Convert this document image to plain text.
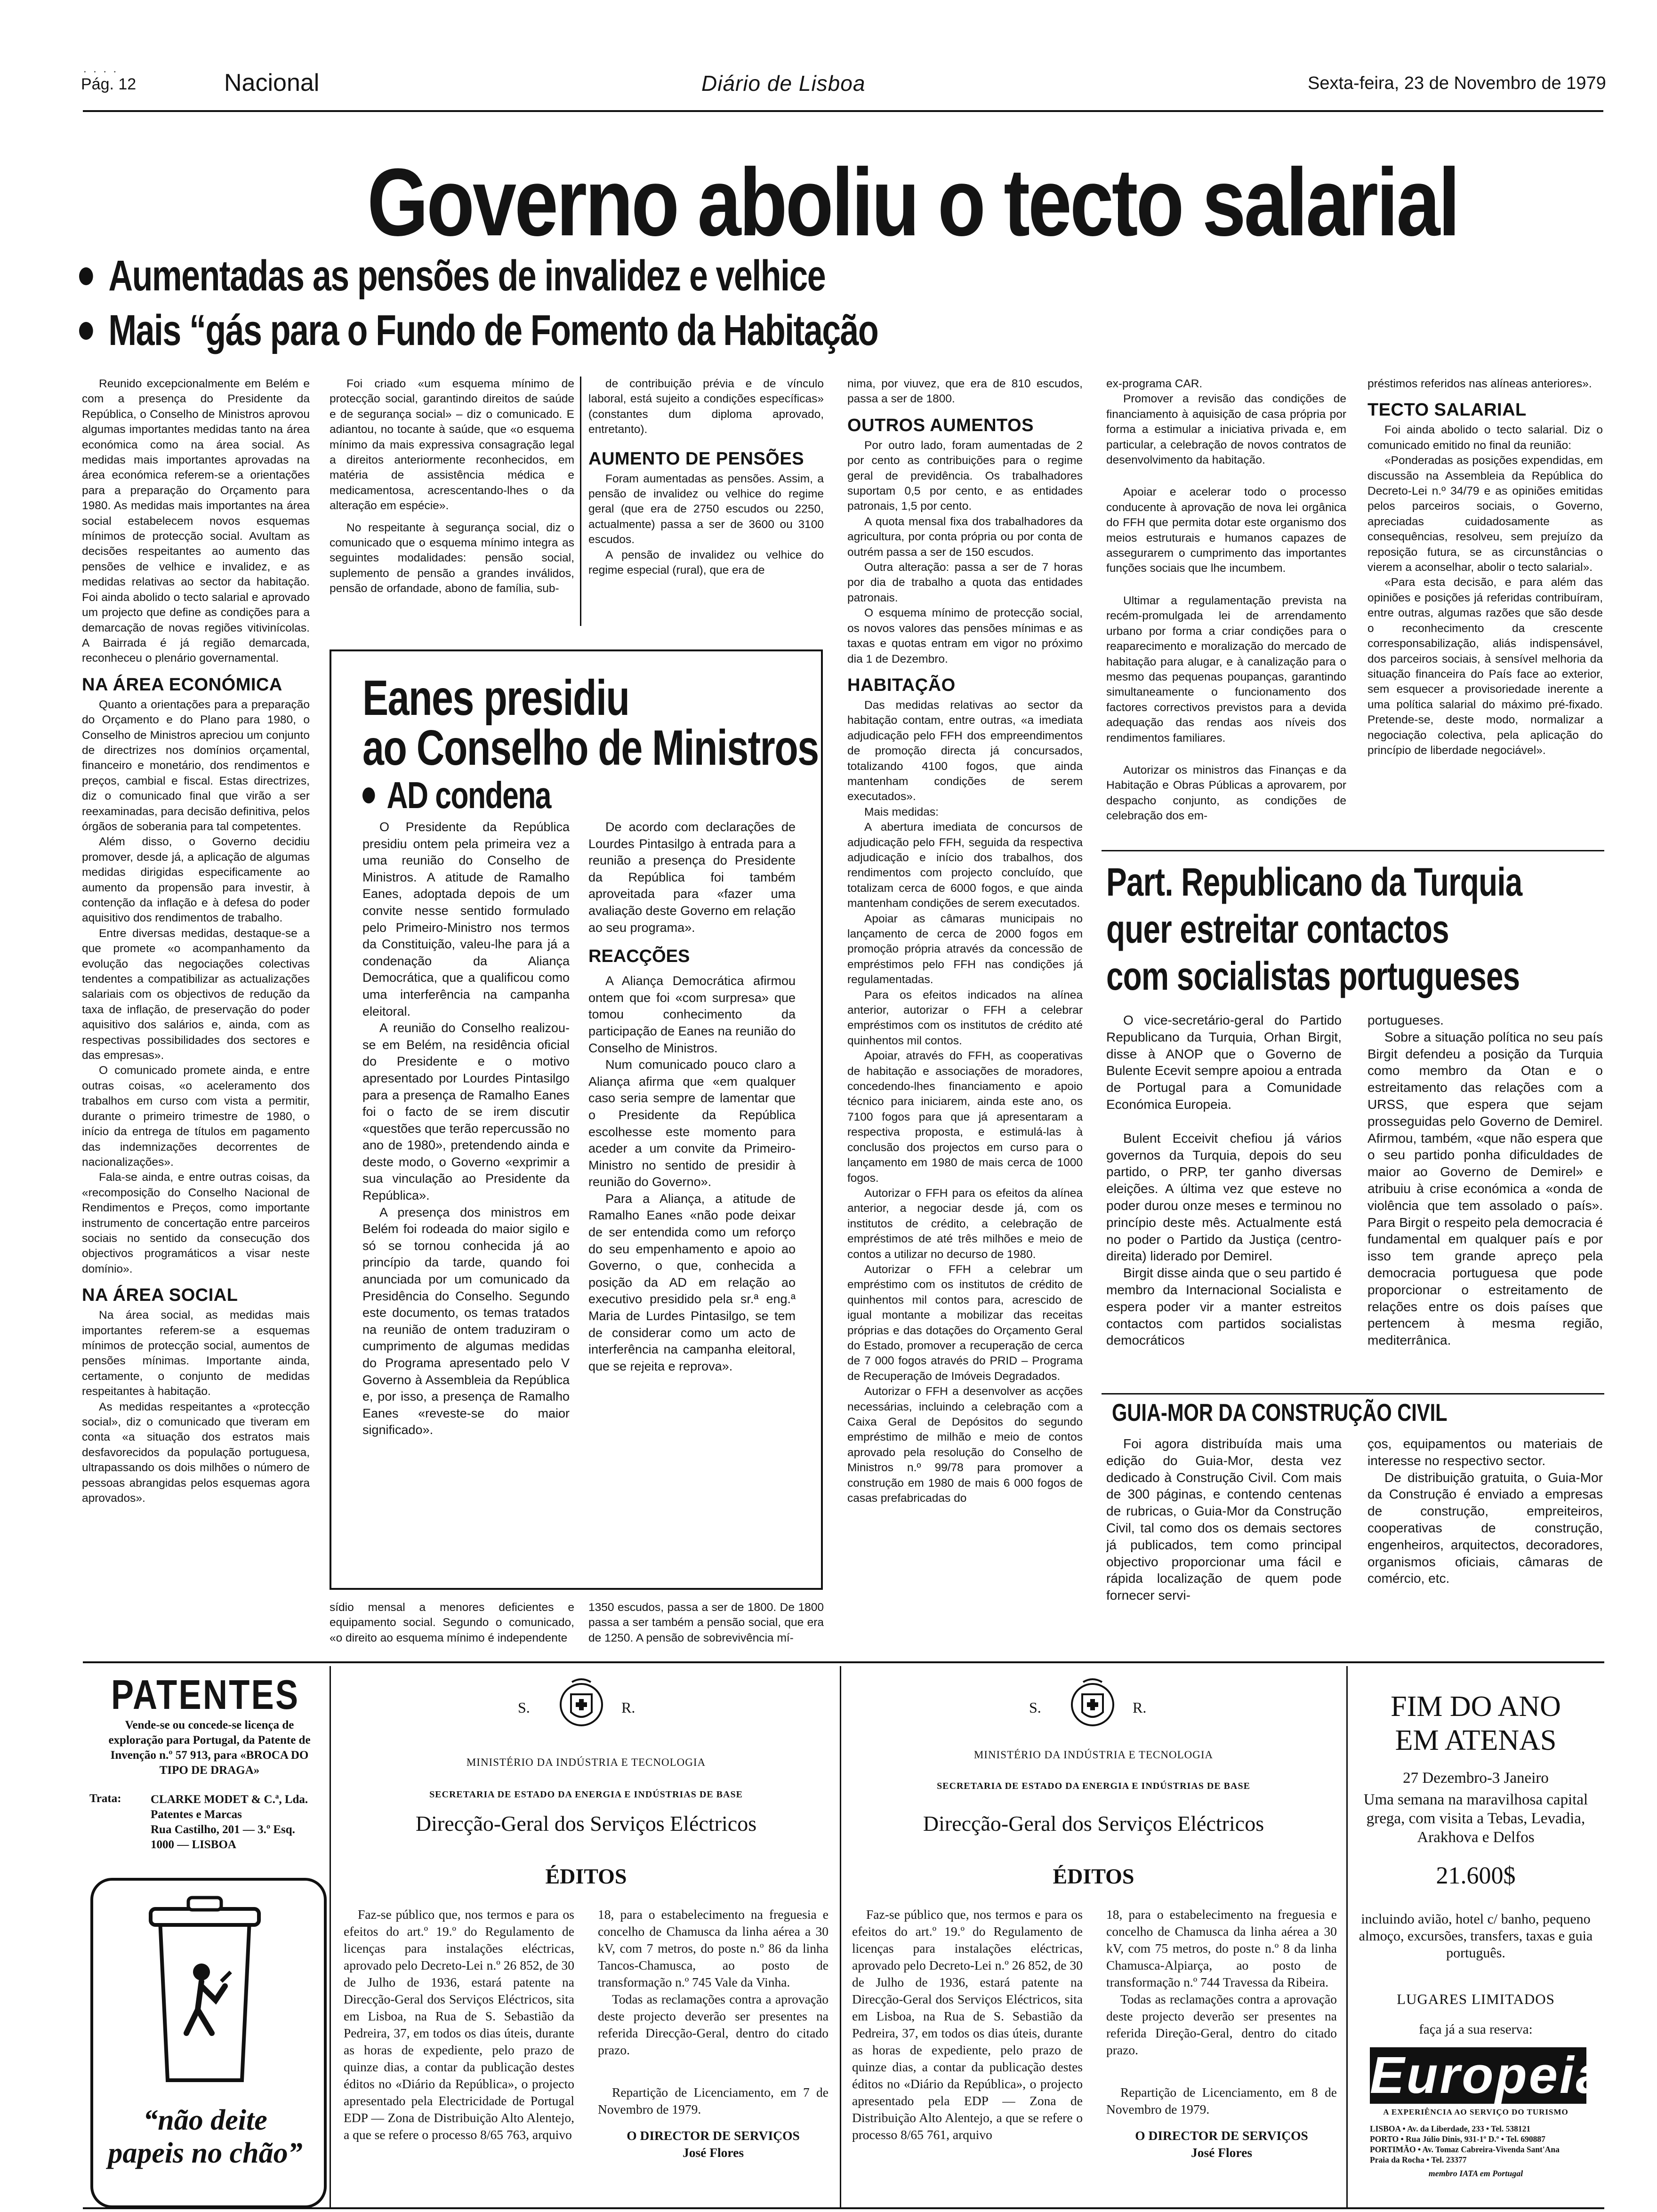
· · · ·
Pág. 12	Nacional	Diário de Lisboa	Sexta-feira, 23 de Novembro de 1979
Governo aboliu o tecto salarial
Aumentadas as pensões de invalidez e velhice
Mais “gás para o Fundo de Fomento da Habitação

Reunido excepcionalmente em Belém e com a presença do Presidente da República, o Conselho de Ministros aprovou algumas importantes medidas tanto na área económica como na área social. As medidas mais importantes aprovadas na área económica referem-se a orientações para a preparação do Orçamento para 1980. As medidas mais importantes na área social estabelecem novos esquemas mínimos de protecção social. Avultam as decisões respeitantes ao aumento das pensões de velhice e invalidez, e as medidas relativas ao sector da habitação. Foi ainda abolido o tecto salarial e aprovado um projecto que define as condições para a demarcação de novas regiões vitivinícolas. A Bairrada é já região demarcada, reconheceu o plenário governamental.

NA ÁREA ECONÓMICA

Quanto a orientações para a preparação do Orçamento e do Plano para 1980, o Conselho de Ministros apreciou um conjunto de directrizes nos domínios orçamental, financeiro e monetário, dos rendimentos e preços, cambial e fiscal. Estas directrizes, diz o comunicado final que virão a ser reexaminadas, para decisão definitiva, pelos órgãos de soberania para tal competentes.

Além disso, o Governo decidiu promover, desde já, a aplicação de algumas medidas dirigidas especificamente ao aumento da propensão para investir, à contenção da inflação e à defesa do poder aquisitivo dos rendimentos de trabalho.

Entre diversas medidas, destaque-se a que promete «o acompanhamento da evolução das negociações colectivas tendentes a compatibilizar as actualizações salariais com os objectivos de redução da taxa de inflação, de preservação do poder aquisitivo dos salários e, ainda, com as respectivas possibilidades dos sectores e das empresas».

O comunicado promete ainda, e entre outras coisas, «o aceleramento dos trabalhos em curso com vista a permitir, durante o primeiro trimestre de 1980, o início da entrega de títulos em pagamento das indemnizações decorrentes de nacionalizações».

Fala-se ainda, e entre outras coisas, da «recomposição do Conselho Nacional de Rendimentos e Preços, como importante instrumento de concertação entre parceiros sociais no sentido da consecução dos objectivos programáticos a visar neste domínio».

NA ÁREA SOCIAL

Na área social, as medidas mais importantes referem-se a esquemas mínimos de protecção social, aumentos de pensões mínimas. Importante ainda, certamente, o conjunto de medidas respeitantes à habitação.

As medidas respeitantes a «protecção social», diz o comunicado que tiveram em conta «a situação dos estratos mais desfavorecidos da população portuguesa, ultrapassando os dois milhões o número de pessoas abrangidas pelos esquemas agora aprovados».

Foi criado «um esquema mínimo de protecção social, garantindo direitos de saúde e de segurança social» – diz o comunicado. E adiantou, no tocante à saúde, que «o esquema mínimo da mais expressiva consagração legal a direitos anteriormente reconhecidos, em matéria de assistência médica e medicamentosa, acrescentando-lhes o da alteração em espécie».

No respeitante à segurança social, diz o comunicado que o esquema mínimo integra as seguintes modalidades: pensão social, suplemento de pensão a grandes inválidos, pensão de orfandade, abono de família, sub-

de contribuição prévia e de vínculo laboral, está sujeito a condições específicas» (constantes dum diploma aprovado, entretanto).

AUMENTO DE PENSÕES

Foram aumentadas as pensões. Assim, a pensão de invalidez ou velhice do regime geral (que era de 2750 escudos ou 2250, actualmente) passa a ser de 3600 ou 3100 escudos.

A pensão de invalidez ou velhice do regime especial (rural), que era de

Eanes presidiu
ao Conselho de Ministros
AD condena

O Presidente da República presidiu ontem pela primeira vez a uma reunião do Conselho de Ministros. A atitude de Ramalho Eanes, adoptada depois de um convite nesse sentido formulado pelo Primeiro-Ministro nos termos da Constituição, valeu-lhe para já a condenação da Aliança Democrática, que a qualificou como uma interferência na campanha eleitoral.

A reunião do Conselho realizou-se em Belém, na residência oficial do Presidente e o motivo apresentado por Lourdes Pintasilgo para a presença de Ramalho Eanes foi o facto de se irem discutir «questões que terão repercussão no ano de 1980», pretendendo ainda e deste modo, o Governo «exprimir a sua vinculação ao Presidente da República».

A presença dos ministros em Belém foi rodeada do maior sigilo e só se tornou conhecida já ao princípio da tarde, quando foi anunciada por um comunicado da Presidência do Conselho. Segundo este documento, os temas tratados na reunião de ontem traduziram o cumprimento de algumas medidas do Programa apresentado pelo V Governo à Assembleia da República e, por isso, a presença de Ramalho Eanes «reveste-se do maior significado».

De acordo com declarações de Lourdes Pintasilgo à entrada para a reunião a presença do Presidente da República foi também aproveitada para «fazer uma avaliação deste Governo em relação ao seu programa».

REACÇÕES

A Aliança Democrática afirmou ontem que foi «com surpresa» que tomou conhecimento da participação de Eanes na reunião do Conselho de Ministros.

Num comunicado pouco claro a Aliança afirma que «em qualquer caso seria sempre de lamentar que o Presidente da República escolhesse este momento para aceder a um convite da Primeiro-Ministro no sentido de presidir à reunião do Governo».

Para a Aliança, a atitude de Ramalho Eanes «não pode deixar de ser entendida como um reforço do seu empenhamento e apoio ao Governo, o que, conhecida a posição da AD em relação ao executivo presidido pela sr.ª eng.ª Maria de Lurdes Pintasilgo, se tem de considerar como um acto de interferência na campanha eleitoral, que se rejeita e reprova».

sídio mensal a menores deficientes e equipamento social. Segundo o comunicado, «o direito ao esquema mínimo é independente

1350 escudos, passa a ser de 1800. De 1800 passa a ser também a pensão social, que era de 1250. A pensão de sobrevivência mí-

nima, por viuvez, que era de 810 escudos, passa a ser de 1800.

OUTROS AUMENTOS

Por outro lado, foram aumentadas de 2 por cento as contribuições para o regime geral de previdência. Os trabalhadores suportam 0,5 por cento, e as entidades patronais, 1,5 por cento.

A quota mensal fixa dos trabalhadores da agricultura, por conta própria ou por conta de outrém passa a ser de 150 escudos.

Outra alteração: passa a ser de 7 horas por dia de trabalho a quota das entidades patronais.

O esquema mínimo de protecção social, os novos valores das pensões mínimas e as taxas e quotas entram em vigor no próximo dia 1 de Dezembro.

HABITAÇÃO

Das medidas relativas ao sector da habitação contam, entre outras, «a imediata adjudicação pelo FFH dos empreendimentos de promoção directa já concursados, totalizando 4100 fogos, que ainda mantenham condições de serem executados».

Mais medidas:

A abertura imediata de concursos de adjudicação pelo FFH, seguida da respectiva adjudicação e início dos trabalhos, dos rendimentos com projecto concluído, que totalizam cerca de 6000 fogos, e que ainda mantenham condições de serem executados.

Apoiar as câmaras municipais no lançamento de cerca de 2000 fogos em promoção própria através da concessão de empréstimos pelo FFH nas condições já regulamentadas.

Para os efeitos indicados na alínea anterior, autorizar o FFH a celebrar empréstimos com os institutos de crédito até quinhentos mil contos.

Apoiar, através do FFH, as cooperativas de habitação e associações de moradores, concedendo-lhes financiamento e apoio técnico para iniciarem, ainda este ano, os 7100 fogos para que já apresentaram a respectiva proposta, e estimulá-las à conclusão dos projectos em curso para o lançamento em 1980 de mais cerca de 1000 fogos.

Autorizar o FFH para os efeitos da alínea anterior, a negociar desde já, com os institutos de crédito, a celebração de empréstimos de até três milhões e meio de contos a utilizar no decurso de 1980.

Autorizar o FFH a celebrar um empréstimo com os institutos de crédito de quinhentos mil contos para, acrescido de igual montante a mobilizar das receitas próprias e das dotações do Orçamento Geral do Estado, promover a recuperação de cerca de 7 000 fogos através do PRID – Programa de Recuperação de Imóveis Degradados.

Autorizar o FFH a desenvolver as acções necessárias, incluindo a celebração com a Caixa Geral de Depósitos do segundo empréstimo de milhão e meio de contos aprovado pela resolução do Conselho de Ministros n.º 99/78 para promover a construção em 1980 de mais 6 000 fogos de casas prefabricadas do

ex-programa CAR.

Promover a revisão das condições de financiamento à aquisição de casa própria por forma a estimular a iniciativa privada e, em particular, a celebração de novos contratos de desenvolvimento da habitação.

Apoiar e acelerar todo o processo conducente à aprovação de nova lei orgânica do FFH que permita dotar este organismo dos meios estruturais e humanos capazes de assegurarem o cumprimento das importantes funções sociais que lhe incumbem.

Ultimar a regulamentação prevista na recém-promulgada lei de arrendamento urbano por forma a criar condições para o reaparecimento e moralização do mercado de habitação para alugar, e à canalização para o mesmo das pequenas poupanças, garantindo simultaneamente o funcionamento dos factores correctivos previstos para a devida adequação das rendas aos níveis dos rendimentos familiares.

Autorizar os ministros das Finanças e da Habitação e Obras Públicas a aprovarem, por despacho conjunto, as condições de celebração dos em-

préstimos referidos nas alíneas anteriores».

TECTO SALARIAL

Foi ainda abolido o tecto salarial. Diz o comunicado emitido no final da reunião:

«Ponderadas as posições expendidas, em discussão na Assembleia da República do Decreto-Lei n.º 34/79 e as opiniões emitidas pelos parceiros sociais, o Governo, apreciadas cuidadosamente as consequências, resolveu, sem prejuízo da reposição futura, se as circunstâncias o vierem a aconselhar, abolir o tecto salarial».

«Para esta decisão, e para além das opiniões e posições já referidas contribuíram, entre outras, algumas razões que são desde o reconhecimento da crescente corresponsabilização, aliás indispensável, dos parceiros sociais, à sensível melhoria da situação financeira do País face ao exterior, sem esquecer a provisoriedade inerente a uma política salarial do máximo pré-fixado. Pretende-se, deste modo, normalizar a negociação colectiva, pela aplicação do princípio de liberdade negociável».

Part. Republicano da Turquia
quer estreitar contactos
com socialistas portugueses

O vice-secretário-geral do Partido Republicano da Turquia, Orhan Birgit, disse à ANOP que o Governo de Bulente Ecevit sempre apoiou a entrada de Portugal para a Comunidade Económica Europeia.

Bulent Ecceivit chefiou já vários governos da Turquia, depois do seu partido, o PRP, ter ganho diversas eleições. A última vez que esteve no poder durou onze meses e terminou no princípio deste mês. Actualmente está no poder o Partido da Justiça (centro-direita) liderado por Demirel.

Birgit disse ainda que o seu partido é membro da Internacional Socialista e espera poder vir a manter estreitos contactos com partidos socialistas democráticos

portugueses.

Sobre a situação política no seu país Birgit defendeu a posição da Turquia como membro da Otan e o estreitamento das relações com a URSS, que espera que sejam prosseguidas pelo Governo de Demirel. Afirmou, também, «que não espera que o seu partido ponha dificuldades de maior ao Governo de Demirel» e atribuiu à crise económica a «onda de violência que tem assolado o país». Para Birgit o respeito pela democracia é fundamental em qualquer país e por isso tem grande apreço pela democracia portuguesa que pode proporcionar o estreitamento de relações entre os dois países que pertencem à mesma região, mediterrânica.

GUIA-MOR DA CONSTRUÇÃO CIVIL

Foi agora distribuída mais uma edição do Guia-Mor, desta vez dedicado à Construção Civil. Com mais de 300 páginas, e contendo centenas de rubricas, o Guia-Mor da Construção Civil, tal como dos os demais sectores já publicados, tem como principal objectivo proporcionar uma fácil e rápida localização de quem pode fornecer servi-

ços, equipamentos ou materiais de interesse no respectivo sector.

De distribuição gratuita, o Guia-Mor da Construção é enviado a empresas de construção, empreiteiros, cooperativas de construção, engenheiros, arquitectos, decoradores, organismos oficiais, câmaras de comércio, etc.

PATENTES
Vende-se ou concede-se licença de exploração para Portugal, da Patente de Invenção n.º 57 913, para «BROCA DO TIPO DE DRAGA»
Trata: CLARKE MODET & C.ª, Lda.

Patentes e Marcas

Rua Castilho, 201 — 3.º Esq.

1000 — LISBOA

“não deite

papeis no chão”

S.	R.
MINISTÉRIO DA INDÚSTRIA E TECNOLOGIA
SECRETARIA DE ESTADO DA ENERGIA E INDÚSTRIAS DE BASE
Direcção-Geral dos Serviços Eléctricos
ÉDITOS

Faz-se público que, nos termos e para os efeitos do art.º 19.º do Regulamento de licenças para instalações eléctricas, aprovado pelo Decreto-Lei n.º 26 852, de 30 de Julho de 1936, estará patente na Direcção-Geral dos Serviços Eléctricos, sita em Lisboa, na Rua de S. Sebastião da Pedreira, 37, em todos os dias úteis, durante as horas de expediente, pelo prazo de quinze dias, a contar da publicação destes éditos no «Diário da República», o projecto apresentado pela Electricidade de Portugal EDP — Zona de Distribuição Alto Alentejo, a que se refere o processo 8/65 763, arquivo

18, para o estabelecimento na freguesia e concelho de Chamusca da linha aérea a 30 kV, com 7 metros, do poste n.º 86 da linha Tancos-Chamusca, ao posto de transformação n.º 745 Vale da Vinha.

Todas as reclamações contra a aprovação deste projecto deverão ser presentes na referida Direcção-Geral, dentro do citado prazo.

Repartição de Licenciamento, em 7 de Novembro de 1979.

O DIRECTOR DE SERVIÇOS

José Flores

S.	R.
MINISTÉRIO DA INDÚSTRIA E TECNOLOGIA
SECRETARIA DE ESTADO DA ENERGIA E INDÚSTRIAS DE BASE
Direcção-Geral dos Serviços Eléctricos
ÉDITOS

Faz-se público que, nos termos e para os efeitos do art.º 19.º do Regulamento de licenças para instalações eléctricas, aprovado pelo Decreto-Lei n.º 26 852, de 30 de Julho de 1936, estará patente na Direcção-Geral dos Serviços Eléctricos, sita em Lisboa, na Rua de S. Sebastião da Pedreira, 37, em todos os dias úteis, durante as horas de expediente, pelo prazo de quinze dias, a contar da publicação destes éditos no «Diário da República», o projecto apresentado pela EDP — Zona de Distribuição Alto Alentejo, a que se refere o processo 8/65 761, arquivo

18, para o estabelecimento na freguesia e concelho de Chamusca da linha aérea a 30 kV, com 75 metros, do poste n.º 8 da linha Chamusca-Alpiarça, ao posto de transformação n.º 744 Travessa da Ribeira.

Todas as reclamações contra a aprovação deste projecto deverão ser presentes na referida Direção-Geral, dentro do citado prazo.

Repartição de Licenciamento, em 8 de Novembro de 1979.

O DIRECTOR DE SERVIÇOS

José Flores

FIM DO ANO

EM ATENAS

27 Dezembro-3 Janeiro
Uma semana na maravilhosa capital grega, com visita a Tebas, Levadia, Arakhova e Delfos
21.600$
incluindo avião, hotel c/ banho, pequeno almoço, excursões, transfers, taxas e guia português.
LUGARES LIMITADOS
faça já a sua reserva:
Europeia
A EXPERIÊNCIA AO SERVIÇO DO TURISMO

LISBOA • Av. da Liberdade, 233 • Tel. 538121

PORTO • Rua Júlio Dinis, 931-1º D.º • Tel. 690887

PORTIMÃO • Av. Tomaz Cabreira-Vivenda Sant'Ana

Praia da Rocha • Tel. 23377

membro IATA em Portugal
